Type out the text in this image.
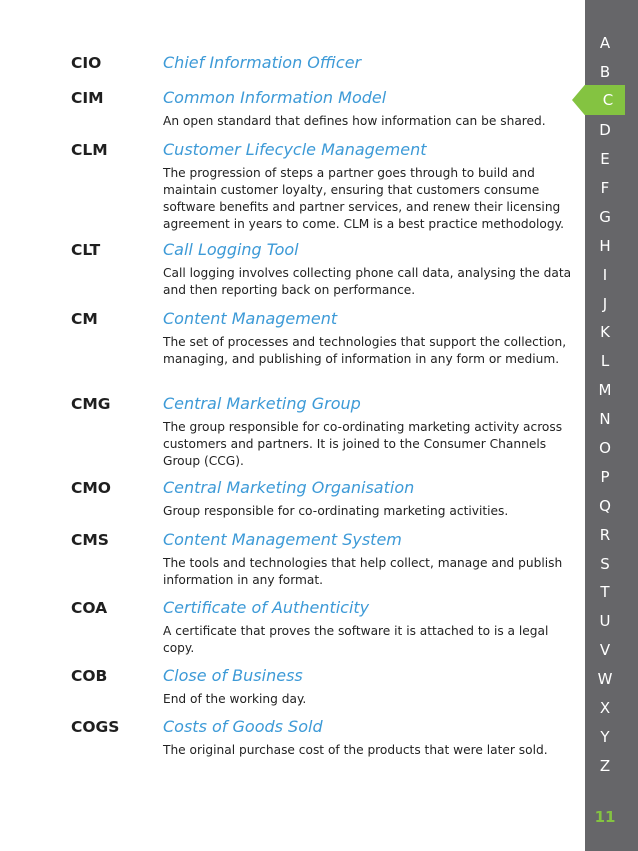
CIO	Chief Information Officer
CIM	Common Information Model
An open standard that defines how information can be shared.
CLM	Customer Lifecycle Management
The progression of steps a partner goes through to build and maintain customer loyalty, ensuring that customers consume software benefits and partner services, and renew their licensing agreement in years to come. CLM is a best practice methodology.
CLT	Call Logging Tool
Call logging involves collecting phone call data, analysing the data and then reporting back on performance.
CM	Content Management
The set of processes and technologies that support the collection, managing, and publishing of information in any form or medium.
CMG	Central Marketing Group
The group responsible for co-ordinating marketing activity across customers and partners. It is joined to the Consumer Channels Group (CCG).
CMO	Central Marketing Organisation
Group responsible for co-ordinating marketing activities.
CMS	Content Management System
The tools and technologies that help collect, manage and publish information in any format.
COA	Certificate of Authenticity
A certificate that proves the software it is attached to is a legal copy.
COB	Close of Business
End of the working day.
COGS	Costs of Goods Sold
The original purchase cost of the products that were later sold.
A
B
D
E
F
G
H
I
J
K
L
M
N
O
P
Q
R
S
T
U
V
W
X
Y
Z
C
11
